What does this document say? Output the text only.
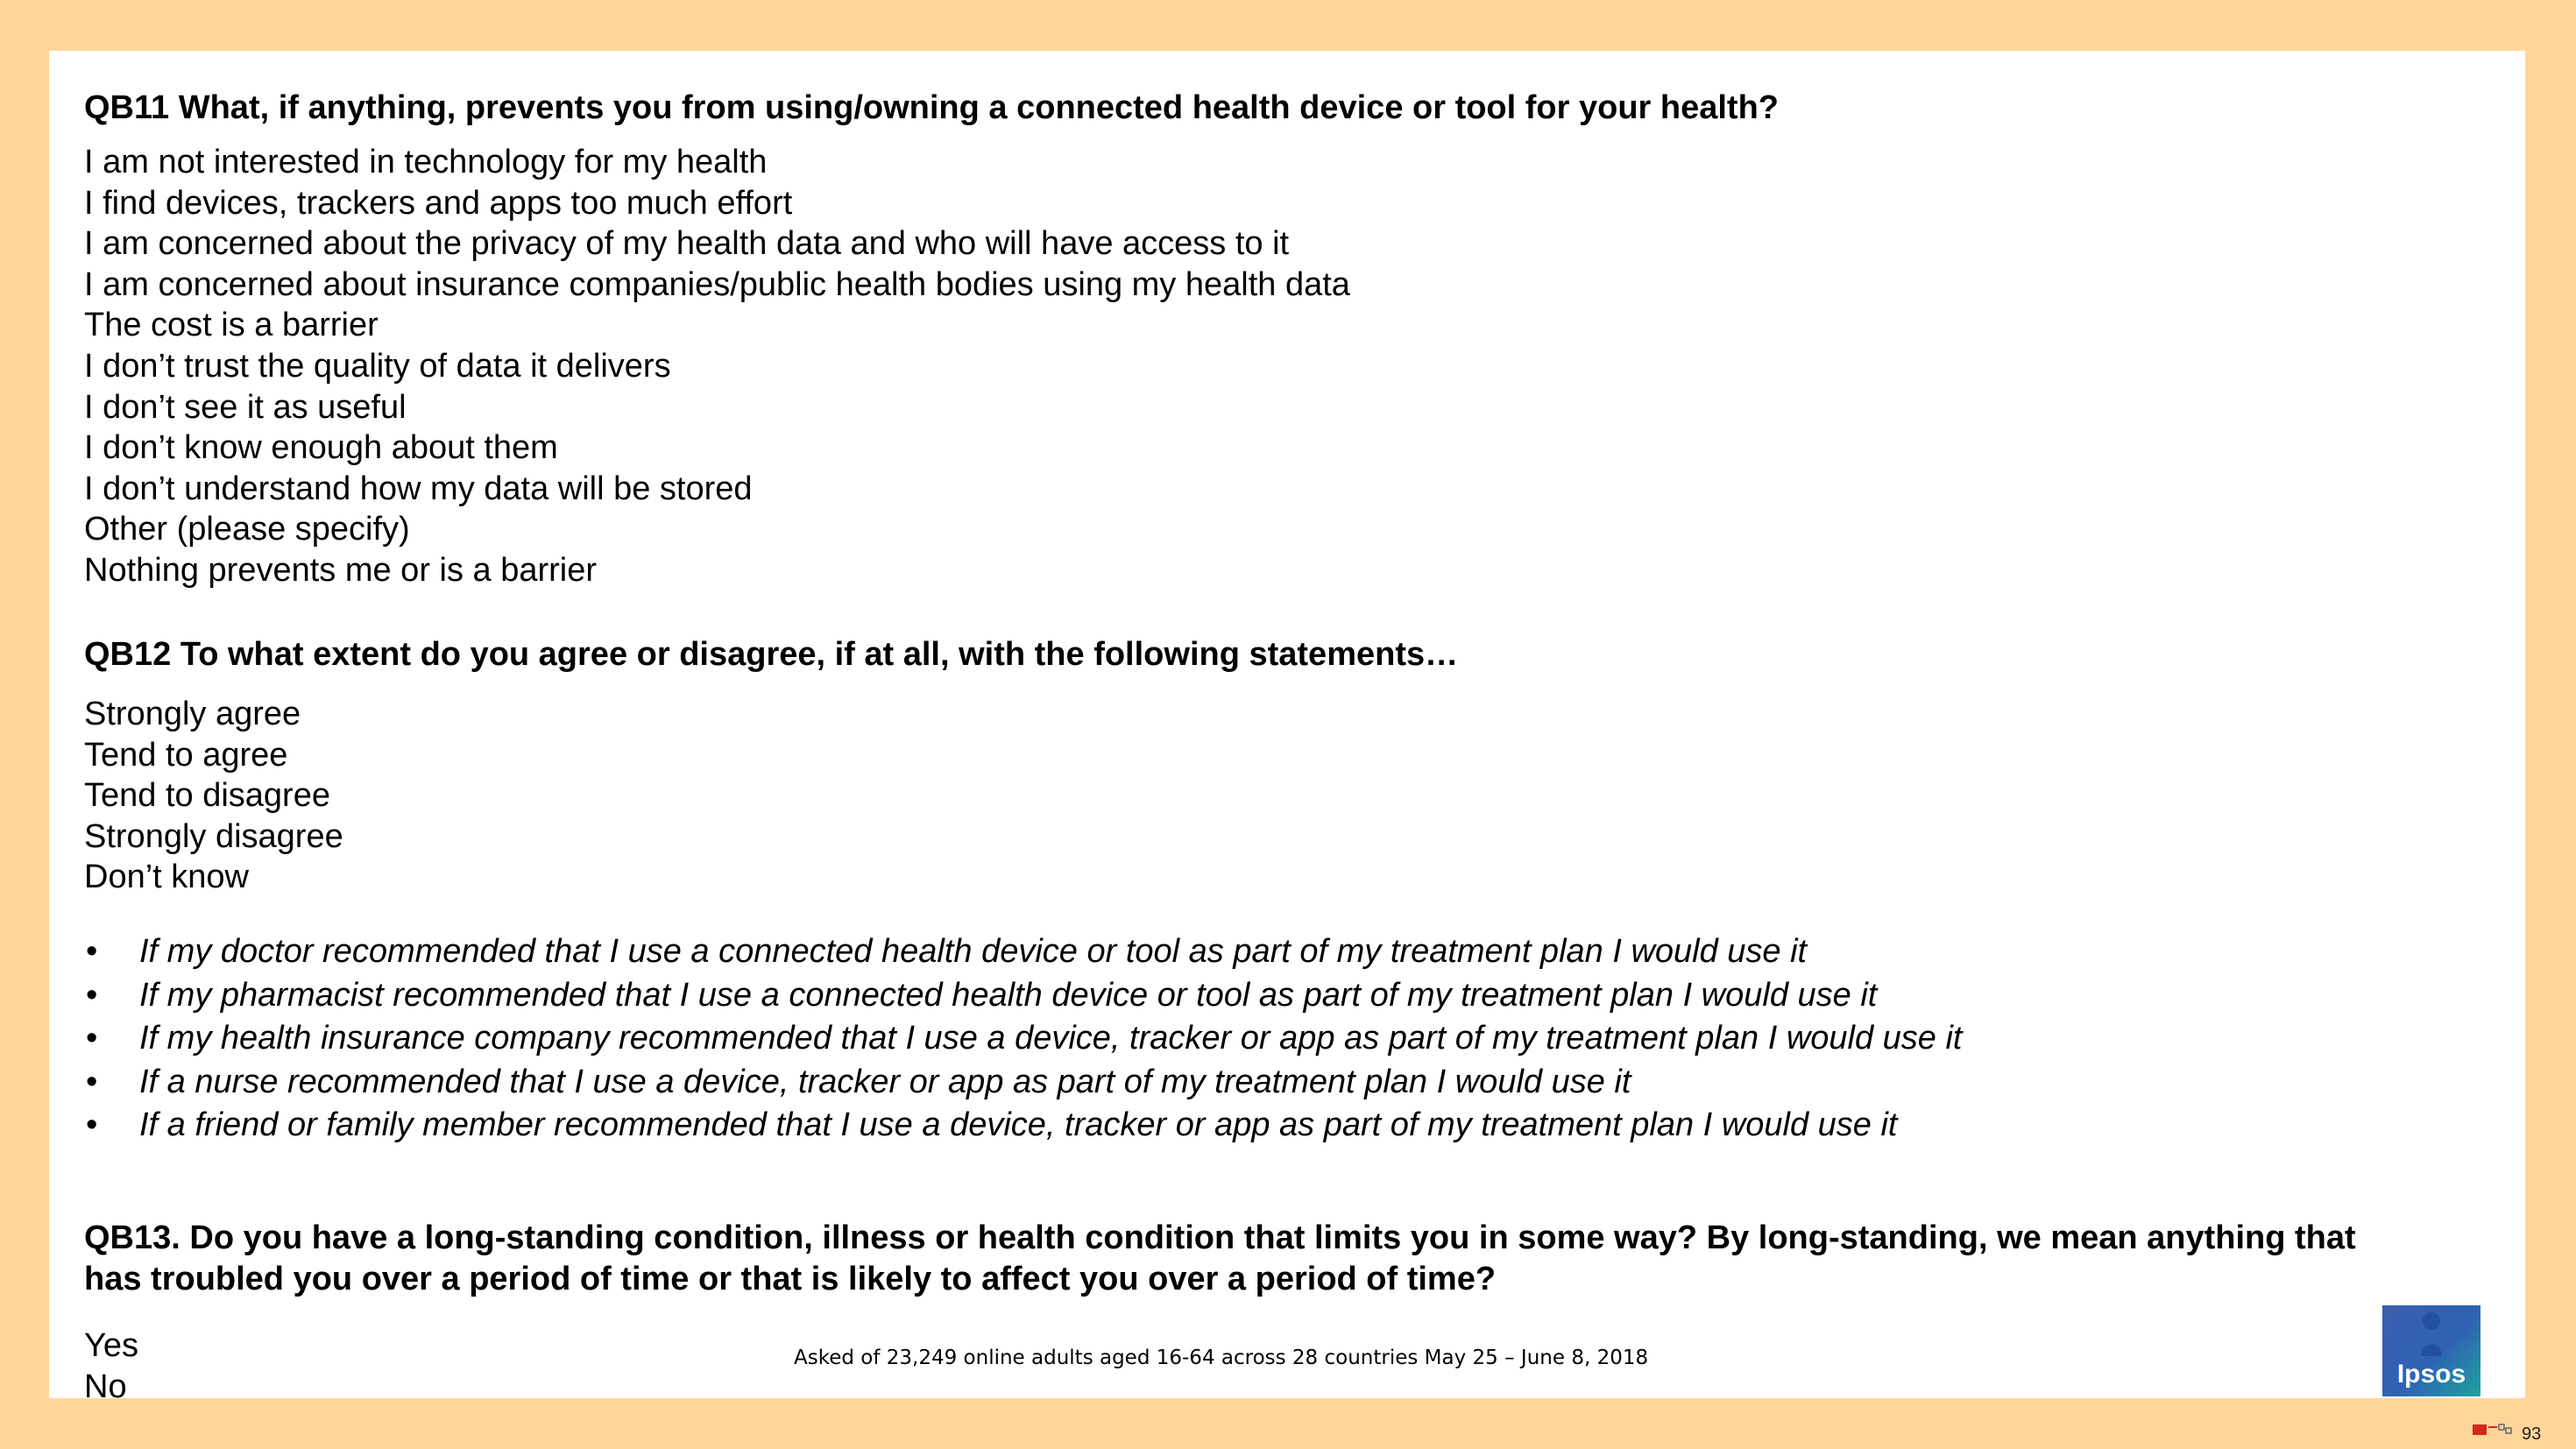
QB11 What, if anything, prevents you from using/owning a connected health device or tool for your health?

I am not interested in technology for my health
I find devices, trackers and apps too much effort
I am concerned about the privacy of my health data and who will have access to it
I am concerned about insurance companies/public health bodies using my health data
The cost is a barrier
I don’t trust the quality of data it delivers
I don’t see it as useful
I don’t know enough about them
I don’t understand how my data will be stored
Other (please specify)
Nothing prevents me or is a barrier

QB12 To what extent do you agree or disagree, if at all, with the following statements…

Strongly agree
Tend to agree
Tend to disagree
Strongly disagree
Don’t know
• If my doctor recommended that I use a connected health device or tool as part of my treatment plan I would use it
• If my pharmacist recommended that I use a connected health device or tool as part of my treatment plan I would use it
• If my health insurance company recommended that I use a device, tracker or app as part of my treatment plan I would use it
• If a nurse recommended that I use a device, tracker or app as part of my treatment plan I would use it
• If a friend or family member recommended that I use a device, tracker or app as part of my treatment plan I would use it
QB13. Do you have a long-standing condition, illness or health condition that limits you in some way? By long-standing, we mean anything that
has troubled you over a period of time or that is likely to affect you over a period of time?
Yes
No
Asked of 23,249 online adults aged 16-64 across 28 countries May 25 – June 8, 2018
Ipsos
93
